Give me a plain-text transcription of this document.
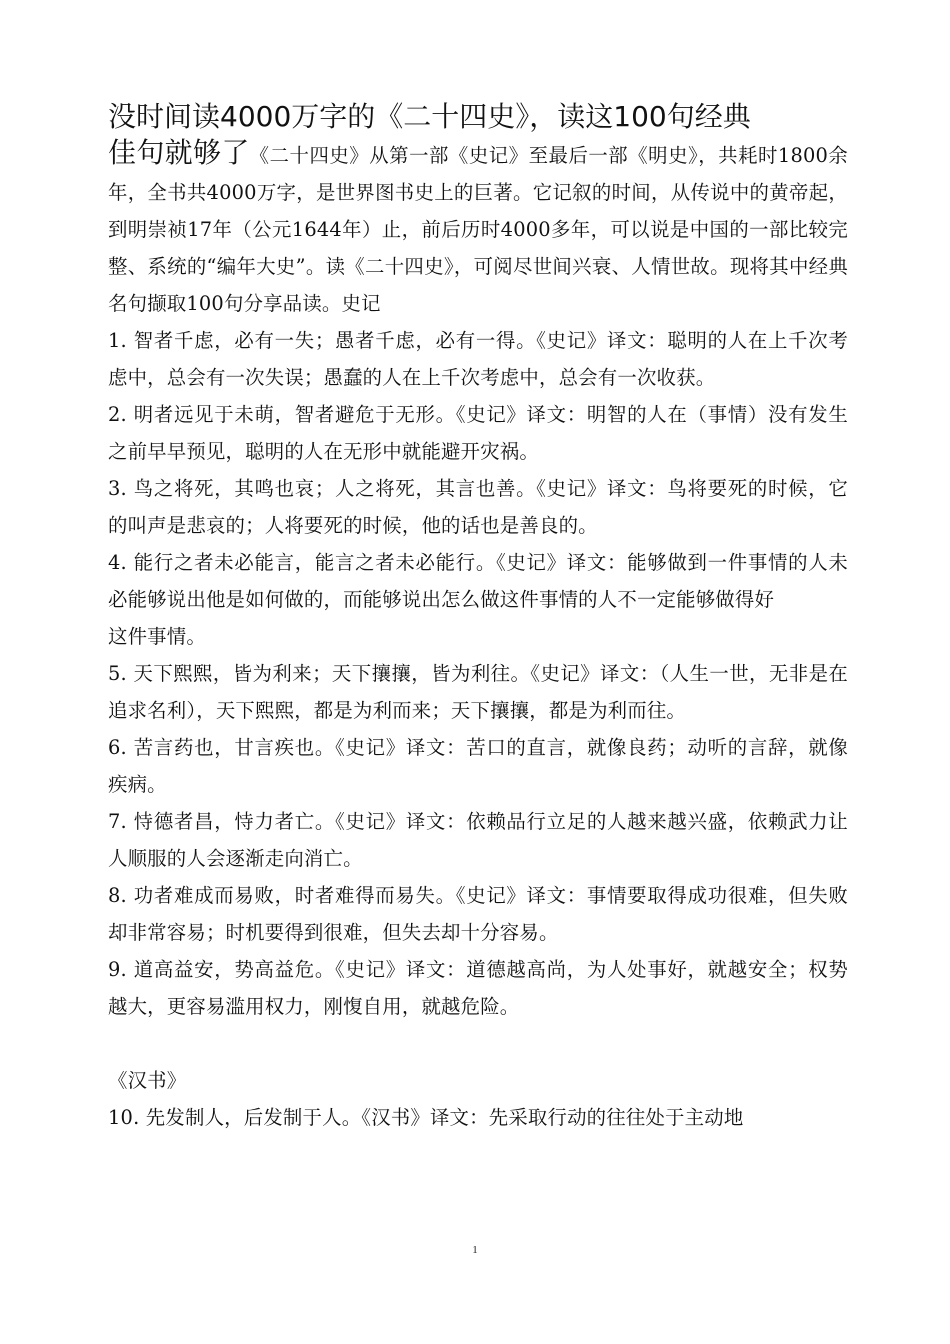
没时间读4000万字的《二十四史》，读这100句经典

佳句就够了《二十四史》从第一部《史记》至最后一部《明史》，共耗时1800余年，全书共4000万字，是世界图书史上的巨著。它记叙的时间，从传说中的黄帝起，到明崇祯17年（公元1644年）止，前后历时4000多年，可以说是中国的一部比较完整、系统的“编年大史”。读《二十四史》，可阅尽世间兴衰、人情世故。现将其中经典名句撷取100句分享品读。史记

1. 智者千虑，必有一失；愚者千虑，必有一得。《史记》译文：聪明的人在上千次考虑中，总会有一次失误；愚蠢的人在上千次考虑中，总会有一次收获。

2. 明者远见于未萌，智者避危于无形。《史记》译文：明智的人在（事情）没有发生之前早早预见，聪明的人在无形中就能避开灾祸。

3. 鸟之将死，其鸣也哀；人之将死，其言也善。《史记》译文：鸟将要死的时候，它的叫声是悲哀的；人将要死的时候，他的话也是善良的。

4. 能行之者未必能言，能言之者未必能行。《史记》译文：能够做到一件事情的人未必能够说出他是如何做的，而能够说出怎么做这件事情的人不一定能够做得好

这件事情。

5. 天下熙熙，皆为利来；天下攘攘，皆为利往。《史记》译文：（人生一世，无非是在追求名利），天下熙熙，都是为利而来；天下攘攘，都是为利而往。

6. 苦言药也，甘言疾也。《史记》译文：苦口的直言，就像良药；动听的言辞，就像疾病。

7. 恃德者昌，恃力者亡。《史记》译文：依赖品行立足的人越来越兴盛，依赖武力让人顺服的人会逐渐走向消亡。

8. 功者难成而易败，时者难得而易失。《史记》译文：事情要取得成功很难，但失败却非常容易；时机要得到很难，但失去却十分容易。

9. 道高益安，势高益危。《史记》译文：道德越高尚，为人处事好，就越安全；权势越大，更容易滥用权力，刚愎自用，就越危险。

《汉书》

10. 先发制人，后发制于人。《汉书》译文：先采取行动的往往处于主动地

1
